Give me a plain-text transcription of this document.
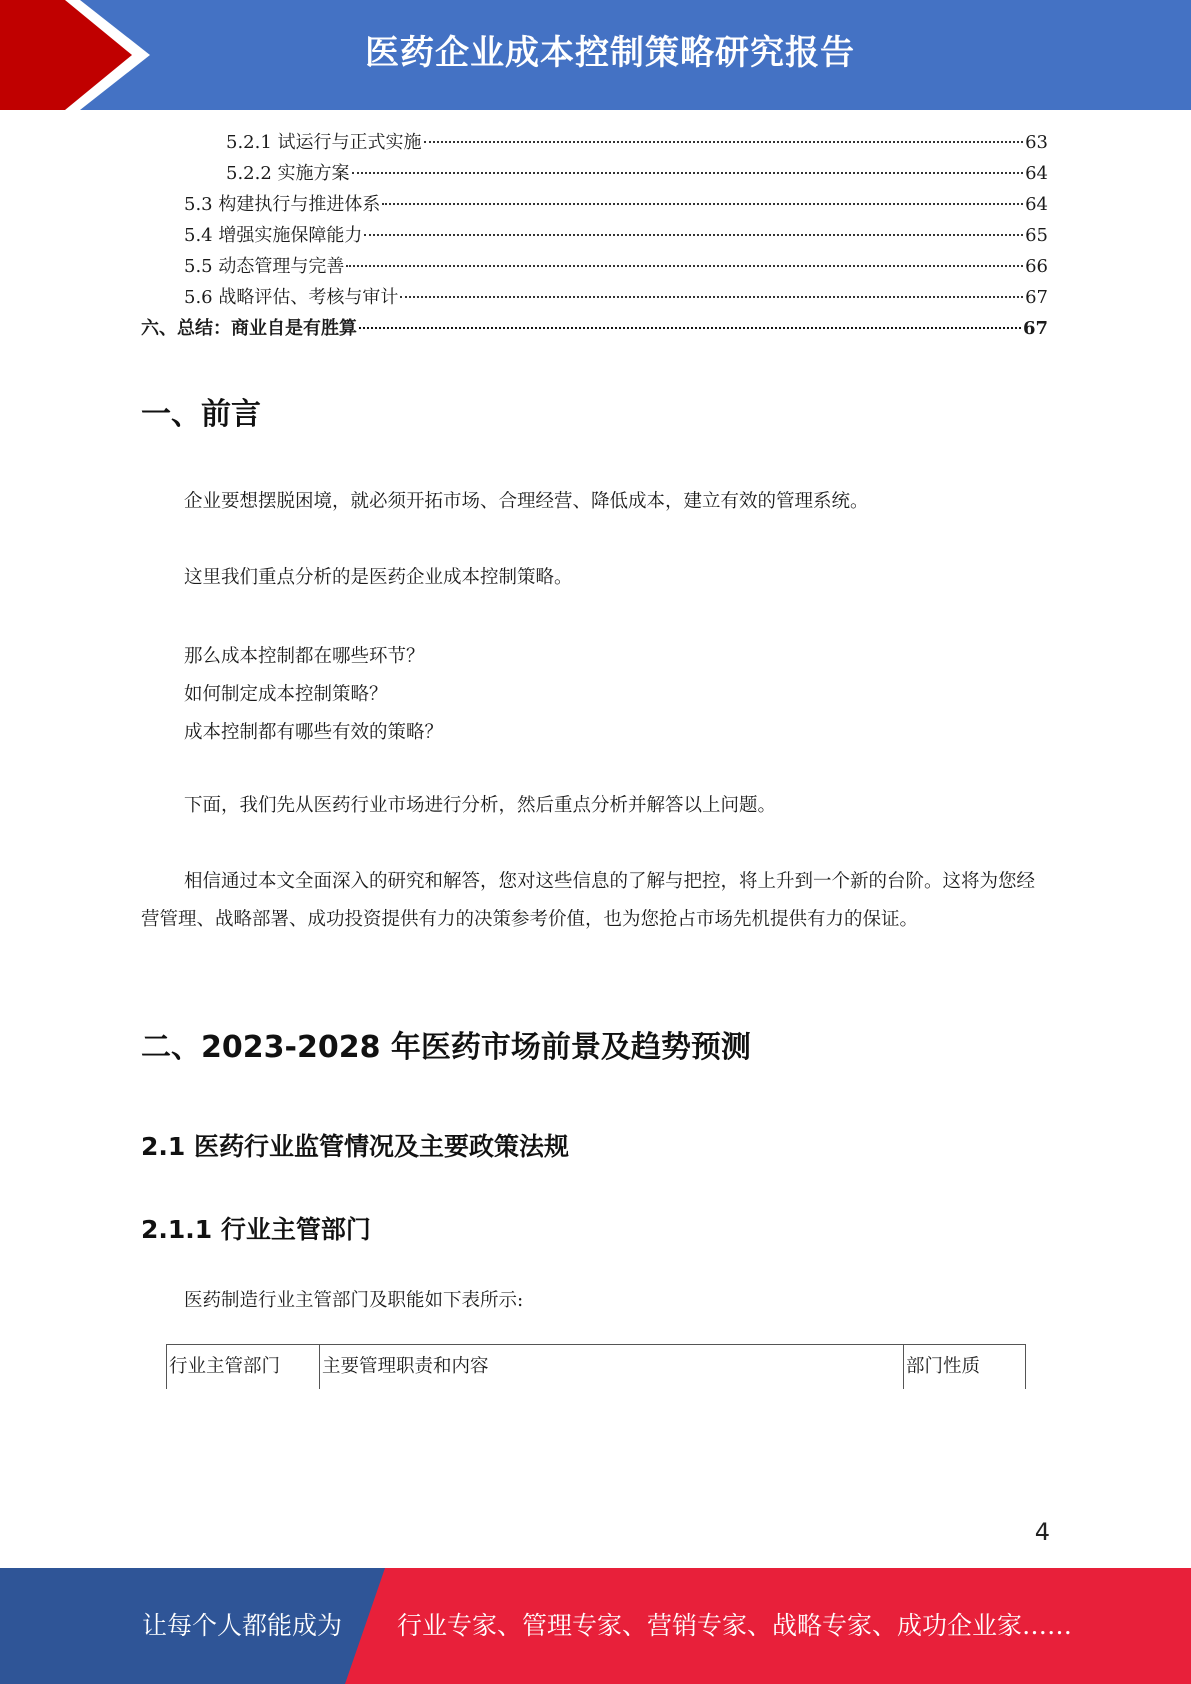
医药企业成本控制策略研究报告
5.2.1 试运行与正式实施	63
5.2.2 实施方案	64
5.3 构建执行与推进体系	64
5.4 增强实施保障能力	65
5.5 动态管理与完善	66
5.6 战略评估、考核与审计	67
六、总结：商业自是有胜算	67
一、前言
企业要想摆脱困境，就必须开拓市场、合理经营、降低成本，建立有效的管理系统。
这里我们重点分析的是医药企业成本控制策略。
那么成本控制都在哪些环节？
如何制定成本控制策略？
成本控制都有哪些有效的策略？
下面，我们先从医药行业市场进行分析，然后重点分析并解答以上问题。
相信通过本文全面深入的研究和解答，您对这些信息的了解与把控，将上升到一个新的台阶。这将为您经营管理、战略部署、成功投资提供有力的决策参考价值，也为您抢占市场先机提供有力的保证。
二、2023-2028 年医药市场前景及趋势预测
2.1 医药行业监管情况及主要政策法规
2.1.1 行业主管部门
医药制造行业主管部门及职能如下表所示:
行业主管部门	主要管理职责和内容	部门性质
4
让每个人都能成为 行业专家、管理专家、营销专家、战略专家、成功企业家……
